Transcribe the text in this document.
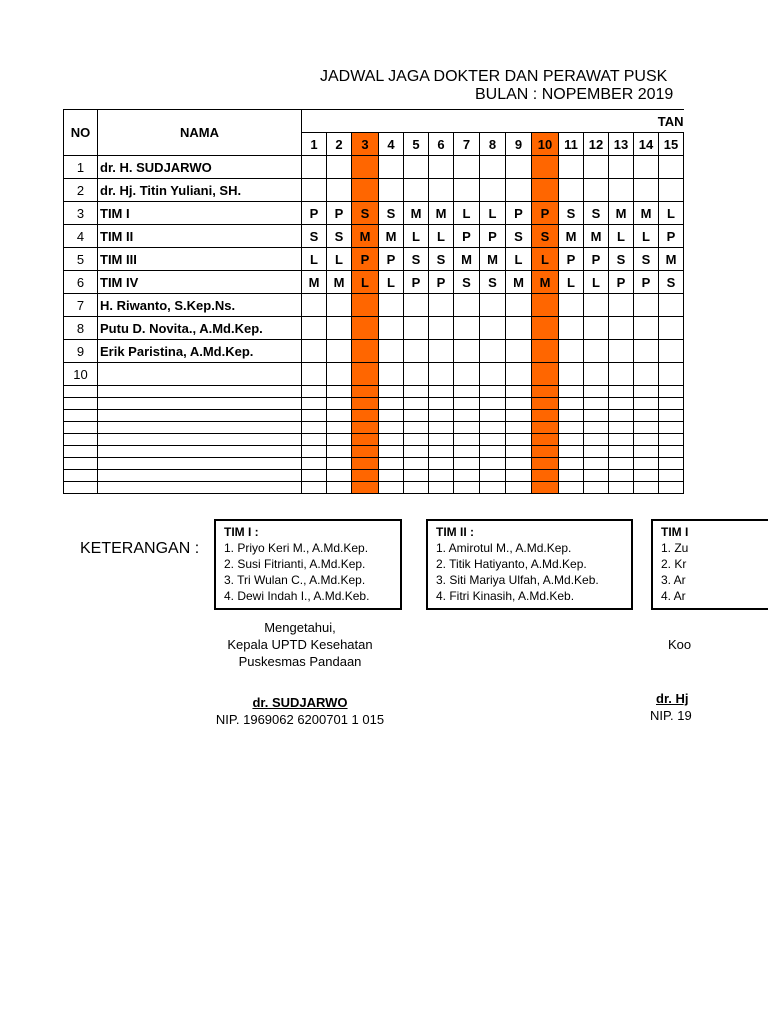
JADWAL JAGA DOKTER DAN PERAWAT PUSK
BULAN : NOPEMBER 2019
NO	NAMA	TAN														
		1	2	3	4	5	6	7	8	9	10	11	12	13	14	15
1	dr. H. SUDJARWO															
2	dr. Hj. Titin Yuliani, SH.															
3	TIM I	P	P	S	S	M	M	L	L	P	P	S	S	M	M	L
4	TIM II	S	S	M	M	L	L	P	P	S	S	M	M	L	L	P
5	TIM III	L	L	P	P	S	S	M	M	L	L	P	P	S	S	M
6	TIM IV	M	M	L	L	P	P	S	S	M	M	L	L	P	P	S
7	H. Riwanto, S.Kep.Ns.															
8	Putu D. Novita., A.Md.Kep.															
9	Erik Paristina, A.Md.Kep.															
10																

KETERANGAN :
TIM I :
1. Priyo Keri M., A.Md.Kep.
2. Susi Fitrianti, A.Md.Kep.
3. Tri Wulan C., A.Md.Kep.
4. Dewi Indah I., A.Md.Keb.
TIM II :
1. Amirotul M., A.Md.Kep.
2. Titik Hatiyanto, A.Md.Kep.
3. Siti Mariya Ulfah, A.Md.Keb.
4. Fitri Kinasih, A.Md.Keb.
TIM I
1. Zu
2. Kr
3. Ar
4. Ar
Mengetahui,
Kepala UPTD Kesehatan
Puskesmas Pandaan
dr. SUDJARWO
NIP. 1969062 6200701 1 015
Koo
dr. Hj
NIP. 19
